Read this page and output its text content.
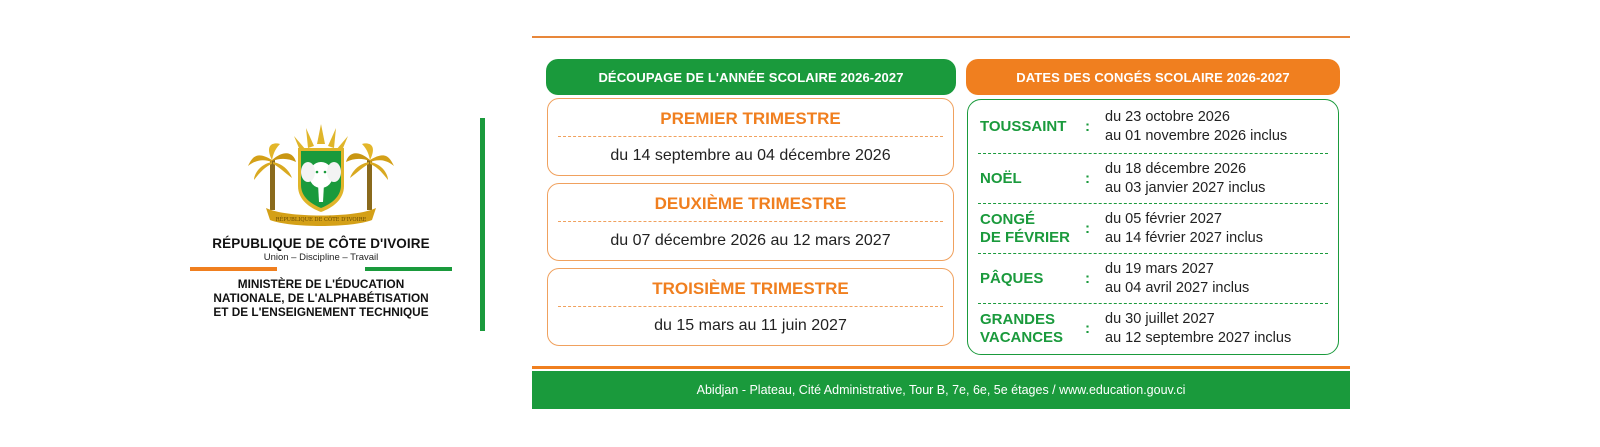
RÉPUBLIQUE DE CÔTE D'IVOIRE
RÉPUBLIQUE DE CÔTE D'IVOIRE
Union – Discipline – Travail
MINISTÈRE DE L'ÉDUCATION
NATIONALE, DE L'ALPHABÉTISATION
ET DE L'ENSEIGNEMENT TECHNIQUE
DÉCOUPAGE DE L'ANNÉE SCOLAIRE 2026-2027	DATES DES CONGÉS SCOLAIRE 2026-2027
PREMIER TRIMESTRE
du 14 septembre au 04 décembre 2026
DEUXIÈME TRIMESTRE
du 07 décembre 2026 au 12 mars 2027
TROISIÈME TRIMESTRE
du 15 mars au 11 juin 2027
TOUSSAINT :
du 23 octobre 2026
au 01 novembre 2026 inclus
NOËL	:
du 18 décembre 2026
au 03 janvier 2027 inclus
CONGÉ
DE FÉVRIER :
du 05 février 2027
au 14 février 2027 inclus
PÂQUES	:
du 19 mars 2027
au 04 avril 2027 inclus
GRANDES
VACANCES :
du 30 juillet 2027
au 12 septembre 2027 inclus
Abidjan - Plateau, Cité Administrative, Tour B, 7e, 6e, 5e étages / www.education.gouv.ci
